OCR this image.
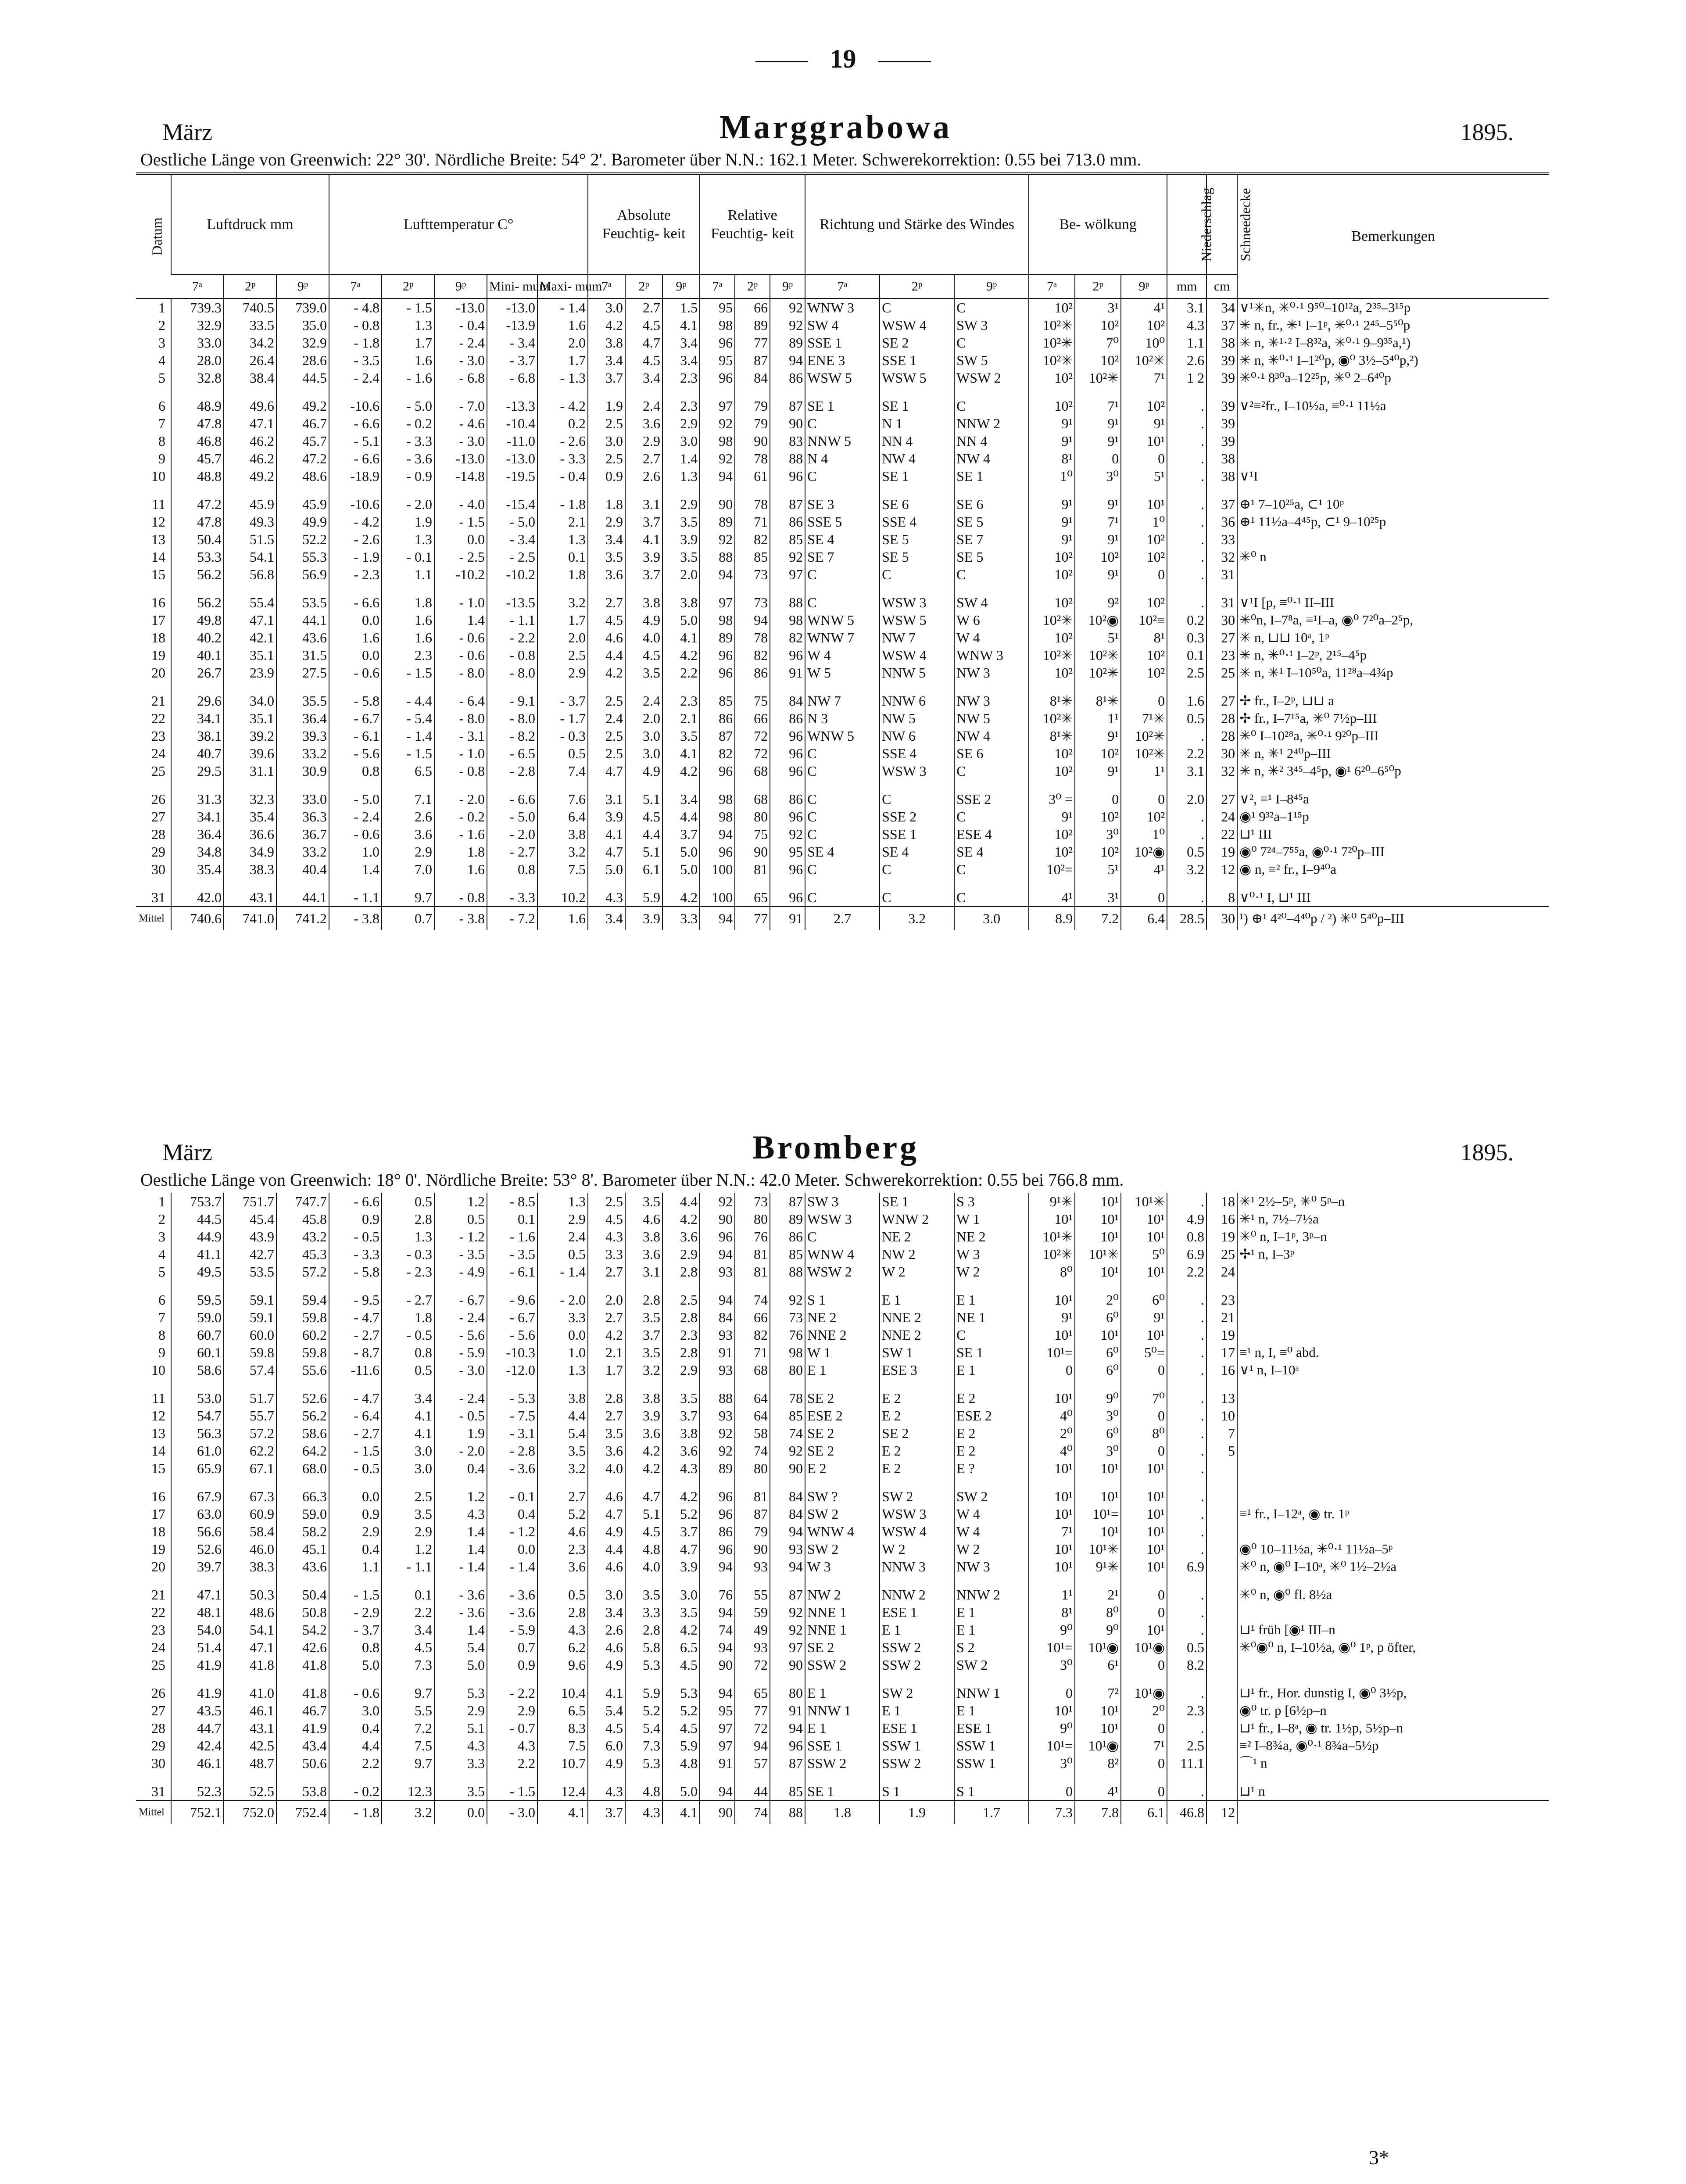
19
März	Marggrabowa	1895.
Oestliche Länge von Greenwich: 22° 30'. Nördliche Breite: 54° 2'. Barometer über N.N.: 162.1 Meter. Schwerekorrektion: 0.55 bei 713.0 mm.
Datum	Luftdruck mm			Lufttemperatur C°					Absolute Feuchtig- keit			Relative Feuchtig- keit			Richtung und Stärke des Windes			Be- wölkung			Niederschlag	Schneedecke	Bemerkungen
	7ᵃ	2ᵖ	9ᵖ	7ᵃ	2ᵖ	9ᵖ	Mini- mum	Maxi- mum	7ᵃ	2ᵖ	9ᵖ	7ᵃ	2ᵖ	9ᵖ	7ᵃ	2ᵖ	9ᵖ	7ᵃ	2ᵖ	9ᵖ	mm	cm	
1	739.3	740.5	739.0	- 4.8	- 1.5	-13.0	-13.0	- 1.4	3.0	2.7	1.5	95	66	92	WNW 3	C	C	10²	3¹	4¹	3.1	34	∨¹✳n, ✳⁰·¹ 9⁵⁰–10¹²a, 2³⁵–3¹⁵p
2	32.9	33.5	35.0	- 0.8	1.3	- 0.4	-13.9	1.6	4.2	4.5	4.1	98	89	92	SW 4	WSW 4	SW 3	10²✳	10²	10²	4.3	37	✳ n, fr., ✳¹ I–1ᵖ, ✳⁰·¹ 2⁴⁵–5⁵⁰p
3	33.0	34.2	32.9	- 1.8	1.7	- 2.4	- 3.4	2.0	3.8	4.7	3.4	96	77	89	SSE 1	SE 2	C	10²✳	7⁰	10⁰	1.1	38	✳ n, ✳¹·² I–8³²a, ✳⁰·¹ 9–9³⁵a,¹)
4	28.0	26.4	28.6	- 3.5	1.6	- 3.0	- 3.7	1.7	3.4	4.5	3.4	95	87	94	ENE 3	SSE 1	SW 5	10²✳	10²	10²✳	2.6	39	✳ n, ✳⁰·¹ I–1²⁰p, ◉⁰ 3½–5⁴⁰p,²)
5	32.8	38.4	44.5	- 2.4	- 1.6	- 6.8	- 6.8	- 1.3	3.7	3.4	2.3	96	84	86	WSW 5	WSW 5	WSW 2	10²	10²✳	7¹	1 2	39	✳⁰·¹ 8³⁰a–12²⁵p, ✳⁰ 2–6⁴⁰p
6	48.9	49.6	49.2	-10.6	- 5.0	- 7.0	-13.3	- 4.2	1.9	2.4	2.3	97	79	87	SE 1	SE 1	C	10²	7¹	10²	.	39	∨²≡²fr., I–10½a, ≡⁰·¹ 11½a
7	47.8	47.1	46.7	- 6.6	- 0.2	- 4.6	-10.4	0.2	2.5	3.6	2.9	92	79	90	C	N 1	NNW 2	9¹	9¹	9¹	.	39	
8	46.8	46.2	45.7	- 5.1	- 3.3	- 3.0	-11.0	- 2.6	3.0	2.9	3.0	98	90	83	NNW 5	NN 4	NN 4	9¹	9¹	10¹	.	39	
9	45.7	46.2	47.2	- 6.6	- 3.6	-13.0	-13.0	- 3.3	2.5	2.7	1.4	92	78	88	N 4	NW 4	NW 4	8¹	0	0	.	38	
10	48.8	49.2	48.6	-18.9	- 0.9	-14.8	-19.5	- 0.4	0.9	2.6	1.3	94	61	96	C	SE 1	SE 1	1⁰	3⁰	5¹	.	38	∨¹I
11	47.2	45.9	45.9	-10.6	- 2.0	- 4.0	-15.4	- 1.8	1.8	3.1	2.9	90	78	87	SE 3	SE 6	SE 6	9¹	9¹	10¹	.	37	⊕¹ 7–10²⁵a, ⊂¹ 10ᵖ
12	47.8	49.3	49.9	- 4.2	1.9	- 1.5	- 5.0	2.1	2.9	3.7	3.5	89	71	86	SSE 5	SSE 4	SE 5	9¹	7¹	1⁰	.	36	⊕¹ 11½a–4⁴⁵p, ⊂¹ 9–10²⁵p
13	50.4	51.5	52.2	- 2.6	1.3	0.0	- 3.4	1.3	3.4	4.1	3.9	92	82	85	SE 4	SE 5	SE 7	9¹	9¹	10²	.	33	
14	53.3	54.1	55.3	- 1.9	- 0.1	- 2.5	- 2.5	0.1	3.5	3.9	3.5	88	85	92	SE 7	SE 5	SE 5	10²	10²	10²	.	32	✳⁰ n
15	56.2	56.8	56.9	- 2.3	1.1	-10.2	-10.2	1.8	3.6	3.7	2.0	94	73	97	C	C	C	10²	9¹	0	.	31	
16	56.2	55.4	53.5	- 6.6	1.8	- 1.0	-13.5	3.2	2.7	3.8	3.8	97	73	88	C	WSW 3	SW 4	10²	9²	10²	.	31	∨¹I [p, ≡⁰·¹ II–III
17	49.8	47.1	44.1	0.0	1.6	1.4	- 1.1	1.7	4.5	4.9	5.0	98	94	98	WNW 5	WSW 5	W 6	10²✳	10²◉	10²≡	0.2	30	✳⁰n, I–7⁸a, ≡¹I–a, ◉⁰ 7²⁰a–2⁵p,
18	40.2	42.1	43.6	1.6	1.6	- 0.6	- 2.2	2.0	4.6	4.0	4.1	89	78	82	WNW 7	NW 7	W 4	10²	5¹	8¹	0.3	27	✳ n, ⊔⊔ 10ᵃ, 1ᵖ
19	40.1	35.1	31.5	0.0	2.3	- 0.6	- 0.8	2.5	4.4	4.5	4.2	96	82	96	W 4	WSW 4	WNW 3	10²✳	10²✳	10²	0.1	23	✳ n, ✳⁰·¹ I–2ᵖ, 2¹⁵–4⁵p
20	26.7	23.9	27.5	- 0.6	- 1.5	- 8.0	- 8.0	2.9	4.2	3.5	2.2	96	86	91	W 5	NNW 5	NW 3	10²	10²✳	10²	2.5	25	✳ n, ✳¹ I–10⁵⁰a, 11²⁸a–4¾p
21	29.6	34.0	35.5	- 5.8	- 4.4	- 6.4	- 9.1	- 3.7	2.5	2.4	2.3	85	75	84	NW 7	NNW 6	NW 3	8¹✳	8¹✳	0	1.6	27	✢ fr., I–2ᵖ, ⊔⊔ a
22	34.1	35.1	36.4	- 6.7	- 5.4	- 8.0	- 8.0	- 1.7	2.4	2.0	2.1	86	66	86	N 3	NW 5	NW 5	10²✳	1¹	7¹✳	0.5	28	✢ fr., I–7¹⁵a, ✳⁰ 7½p–III
23	38.1	39.2	39.3	- 6.1	- 1.4	- 3.1	- 8.2	- 0.3	2.5	3.0	3.5	87	72	96	WNW 5	NW 6	NW 4	8¹✳	9¹	10²✳	.	28	✳⁰ I–10²⁸a, ✳⁰·¹ 9²⁰p–III
24	40.7	39.6	33.2	- 5.6	- 1.5	- 1.0	- 6.5	0.5	2.5	3.0	4.1	82	72	96	C	SSE 4	SE 6	10²	10²	10²✳	2.2	30	✳ n, ✳¹ 2⁴⁰p–III
25	29.5	31.1	30.9	0.8	6.5	- 0.8	- 2.8	7.4	4.7	4.9	4.2	96	68	96	C	WSW 3	C	10²	9¹	1¹	3.1	32	✳ n, ✳² 3⁴⁵–4⁵p, ◉¹ 6²⁰–6⁵⁰p
26	31.3	32.3	33.0	- 5.0	7.1	- 2.0	- 6.6	7.6	3.1	5.1	3.4	98	68	86	C	C	SSE 2	3⁰ =	0	0	2.0	27	∨², ≡¹ I–8⁴⁵a
27	34.1	35.4	36.3	- 2.4	2.6	- 0.2	- 5.0	6.4	3.9	4.5	4.4	98	80	96	C	SSE 2	C	9¹	10²	10²	.	24	◉¹ 9³²a–1¹⁵p
28	36.4	36.6	36.7	- 0.6	3.6	- 1.6	- 2.0	3.8	4.1	4.4	3.7	94	75	92	C	SSE 1	ESE 4	10²	3⁰	1⁰	.	22	⊔¹ III
29	34.8	34.9	33.2	1.0	2.9	1.8	- 2.7	3.2	4.7	5.1	5.0	96	90	95	SE 4	SE 4	SE 4	10²	10²	10²◉	0.5	19	◉⁰ 7²⁴–7⁵⁵a, ◉⁰·¹ 7²⁰p–III
30	35.4	38.3	40.4	1.4	7.0	1.6	0.8	7.5	5.0	6.1	5.0	100	81	96	C	C	C	10²=	5¹	4¹	3.2	12	◉ n, ≡² fr., I–9⁴⁰a
31	42.0	43.1	44.1	- 1.1	9.7	- 0.8	- 3.3	10.2	4.3	5.9	4.2	100	65	96	C	C	C	4¹	3¹	0	.	8	∨⁰·¹ I, ⊔¹ III
Mittel	740.6	741.0	741.2	- 3.8	0.7	- 3.8	- 7.2	1.6	3.4	3.9	3.3	94	77	91	2.7	3.2	3.0	8.9	7.2	6.4	28.5	30	¹) ⊕¹ 4²⁰–4⁴⁰p / ²) ✳⁰ 5⁴⁰p–III
März	Bromberg	1895.
Oestliche Länge von Greenwich: 18° 0'. Nördliche Breite: 53° 8'. Barometer über N.N.: 42.0 Meter. Schwerekorrektion: 0.55 bei 766.8 mm.
1	753.7	751.7	747.7	- 6.6	0.5	1.2	- 8.5	1.3	2.5	3.5	4.4	92	73	87	SW 3	SE 1	S 3	9¹✳	10¹	10¹✳	.	18	✳¹ 2½–5ᵖ, ✳⁰ 5ᵖ–n
2	44.5	45.4	45.8	0.9	2.8	0.5	0.1	2.9	4.5	4.6	4.2	90	80	89	WSW 3	WNW 2	W 1	10¹	10¹	10¹	4.9	16	✳¹ n, 7½–7½a
3	44.9	43.9	43.2	- 0.5	1.3	- 1.2	- 1.6	2.4	4.3	3.8	3.6	96	76	86	C	NE 2	NE 2	10¹✳	10¹	10¹	0.8	19	✳⁰ n, I–1ᵖ, 3ᵖ–n
4	41.1	42.7	45.3	- 3.3	- 0.3	- 3.5	- 3.5	0.5	3.3	3.6	2.9	94	81	85	WNW 4	NW 2	W 3	10²✳	10¹✳	5⁰	6.9	25	✢¹ n, I–3ᵖ
5	49.5	53.5	57.2	- 5.8	- 2.3	- 4.9	- 6.1	- 1.4	2.7	3.1	2.8	93	81	88	WSW 2	W 2	W 2	8⁰	10¹	10¹	2.2	24	
6	59.5	59.1	59.4	- 9.5	- 2.7	- 6.7	- 9.6	- 2.0	2.0	2.8	2.5	94	74	92	S 1	E 1	E 1	10¹	2⁰	6⁰	.	23	
7	59.0	59.1	59.8	- 4.7	1.8	- 2.4	- 6.7	3.3	2.7	3.5	2.8	84	66	73	NE 2	NNE 2	NE 1	9¹	6⁰	9¹	.	21	
8	60.7	60.0	60.2	- 2.7	- 0.5	- 5.6	- 5.6	0.0	4.2	3.7	2.3	93	82	76	NNE 2	NNE 2	C	10¹	10¹	10¹	.	19	
9	60.1	59.8	59.8	- 8.7	0.8	- 5.9	-10.3	1.0	2.1	3.5	2.8	91	71	98	W 1	SW 1	SE 1	10¹=	6⁰	5⁰=	.	17	≡¹ n, I, ≡⁰ abd.
10	58.6	57.4	55.6	-11.6	0.5	- 3.0	-12.0	1.3	1.7	3.2	2.9	93	68	80	E 1	ESE 3	E 1	0	6⁰	0	.	16	∨¹ n, I–10ᵃ
11	53.0	51.7	52.6	- 4.7	3.4	- 2.4	- 5.3	3.8	2.8	3.8	3.5	88	64	78	SE 2	E 2	E 2	10¹	9⁰	7⁰	.	13	
12	54.7	55.7	56.2	- 6.4	4.1	- 0.5	- 7.5	4.4	2.7	3.9	3.7	93	64	85	ESE 2	E 2	ESE 2	4⁰	3⁰	0	.	10	
13	56.3	57.2	58.6	- 2.7	4.1	1.9	- 3.1	5.4	3.5	3.6	3.8	92	58	74	SE 2	SE 2	E 2	2⁰	6⁰	8⁰	.	7	
14	61.0	62.2	64.2	- 1.5	3.0	- 2.0	- 2.8	3.5	3.6	4.2	3.6	92	74	92	SE 2	E 2	E 2	4⁰	3⁰	0	.	5	
15	65.9	67.1	68.0	- 0.5	3.0	0.4	- 3.6	3.2	4.0	4.2	4.3	89	80	90	E 2	E 2	E ?	10¹	10¹	10¹	.		
16	67.9	67.3	66.3	0.0	2.5	1.2	- 0.1	2.7	4.6	4.7	4.2	96	81	84	SW ?	SW 2	SW 2	10¹	10¹	10¹	.		
17	63.0	60.9	59.0	0.9	3.5	4.3	0.4	5.2	4.7	5.1	5.2	96	87	84	SW 2	WSW 3	W 4	10¹	10¹=	10¹	.		≡¹ fr., I–12ᵃ, ◉ tr. 1ᵖ
18	56.6	58.4	58.2	2.9	2.9	1.4	- 1.2	4.6	4.9	4.5	3.7	86	79	94	WNW 4	WSW 4	W 4	7¹	10¹	10¹	.		
19	52.6	46.0	45.1	0.4	1.2	1.4	0.0	2.3	4.4	4.8	4.7	96	90	93	SW 2	W 2	W 2	10¹	10¹✳	10¹	.		◉⁰ 10–11½a, ✳⁰·¹ 11½a–5ᵖ
20	39.7	38.3	43.6	1.1	- 1.1	- 1.4	- 1.4	3.6	4.6	4.0	3.9	94	93	94	W 3	NNW 3	NW 3	10¹	9¹✳	10¹	6.9		✳⁰ n, ◉⁰ I–10ᵃ, ✳⁰ 1½–2½a
21	47.1	50.3	50.4	- 1.5	0.1	- 3.6	- 3.6	0.5	3.0	3.5	3.0	76	55	87	NW 2	NNW 2	NNW 2	1¹	2¹	0	.		✳⁰ n, ◉⁰ fl. 8½a
22	48.1	48.6	50.8	- 2.9	2.2	- 3.6	- 3.6	2.8	3.4	3.3	3.5	94	59	92	NNE 1	ESE 1	E 1	8¹	8⁰	0	.		
23	54.0	54.1	54.2	- 3.7	3.4	1.4	- 5.9	4.3	2.6	2.8	4.2	74	49	92	NNE 1	E 1	E 1	9⁰	9⁰	10¹	.		⊔¹ früh [◉¹ III–n
24	51.4	47.1	42.6	0.8	4.5	5.4	0.7	6.2	4.6	5.8	6.5	94	93	97	SE 2	SSW 2	S 2	10¹=	10¹◉	10¹◉	0.5		✳⁰◉⁰ n, I–10½a, ◉⁰ 1ᵖ, p öfter,
25	41.9	41.8	41.8	5.0	7.3	5.0	0.9	9.6	4.9	5.3	4.5	90	72	90	SSW 2	SSW 2	SW 2	3⁰	6¹	0	8.2		
26	41.9	41.0	41.8	- 0.6	9.7	5.3	- 2.2	10.4	4.1	5.9	5.3	94	65	80	E 1	SW 2	NNW 1	0	7²	10¹◉	.		⊔¹ fr., Hor. dunstig I, ◉⁰ 3½p,
27	43.5	46.1	46.7	3.0	5.5	2.9	2.9	6.5	5.4	5.2	5.2	95	77	91	NNW 1	E 1	E 1	10¹	10¹	2⁰	2.3		◉⁰ tr. p [6½p–n
28	44.7	43.1	41.9	0.4	7.2	5.1	- 0.7	8.3	4.5	5.4	4.5	97	72	94	E 1	ESE 1	ESE 1	9⁰	10¹	0	.		⊔¹ fr., I–8ᵃ, ◉ tr. 1½p, 5½p–n
29	42.4	42.5	43.4	4.4	7.5	4.3	4.3	7.5	6.0	7.3	5.9	97	94	96	SSE 1	SSW 1	SSW 1	10¹=	10¹◉	7¹	2.5		≡² I–8¾a, ◉⁰·¹ 8¾a–5½p
30	46.1	48.7	50.6	2.2	9.7	3.3	2.2	10.7	4.9	5.3	4.8	91	57	87	SSW 2	SSW 2	SSW 1	3⁰	8²	0	11.1		⌒¹ n
31	52.3	52.5	53.8	- 0.2	12.3	3.5	- 1.5	12.4	4.3	4.8	5.0	94	44	85	SE 1	S 1	S 1	0	4¹	0	.		⊔¹ n
Mittel	752.1	752.0	752.4	- 1.8	3.2	0.0	- 3.0	4.1	3.7	4.3	4.1	90	74	88	1.8	1.9	1.7	7.3	7.8	6.1	46.8	12	
3*
